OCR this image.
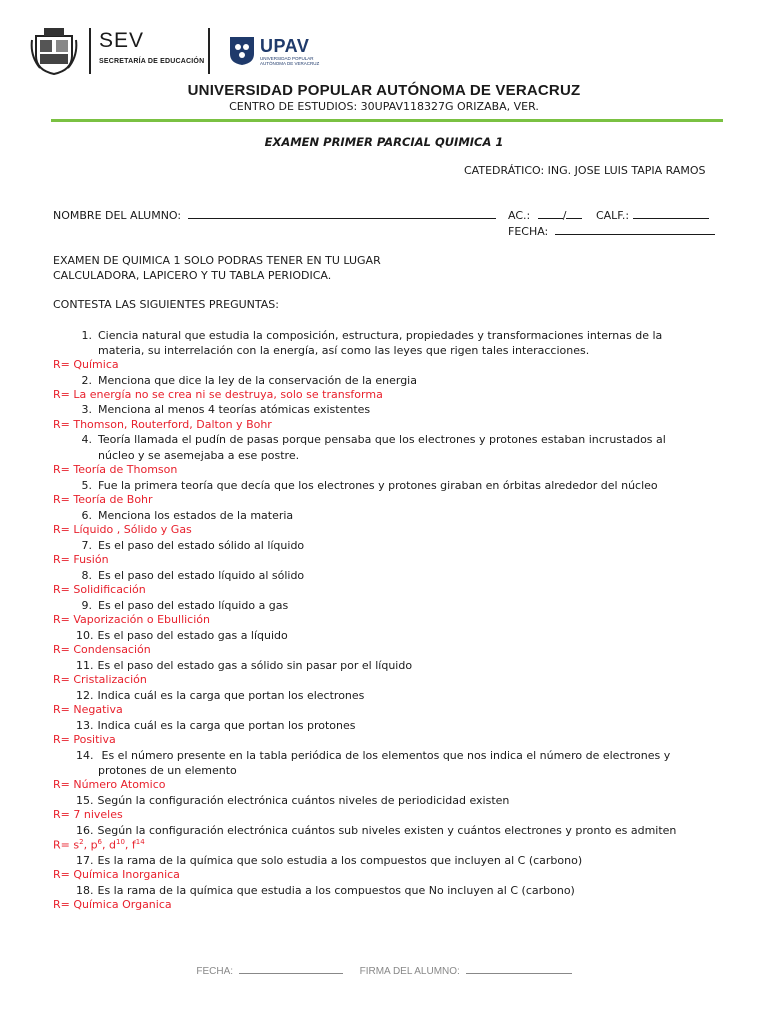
SEV
SECRETARÍA DE EDUCACIÓN
UPAV
UNIVERSIDAD POPULAR AUTÓNOMA DE VERACRUZ
UNIVERSIDAD POPULAR AUTÓNOMA DE VERACRUZ
CENTRO DE ESTUDIOS: 30UPAV118327G ORIZABA, VER.
EXAMEN PRIMER PARCIAL QUIMICA 1
CATEDRÁTICO: ING. JOSE LUIS TAPIA RAMOS
NOMBRE DEL ALUMNO:	AC.:	/	CALF.:
FECHA:
EXAMEN DE QUIMICA 1 SOLO PODRAS TENER EN TU LUGAR
CALCULADORA, LAPICERO Y TU TABLA PERIODICA.
CONTESTA LAS SIGUIENTES PREGUNTAS:
1. Ciencia natural que estudia la composición, estructura, propiedades y transformaciones internas de la
materia, su interrelación con la energía, así como las leyes que rigen tales interacciones.
R= Química
2. Menciona que dice la ley de la conservación de la energia
R= La energía no se crea ni se destruya, solo se transforma
3. Menciona al menos 4 teorías atómicas existentes
R= Thomson, Routerford, Dalton y Bohr
4. Teoría llamada el pudín de pasas porque pensaba que los electrones y protones estaban incrustados al
núcleo y se asemejaba a ese postre.
R= Teoría de Thomson
5. Fue la primera teoría que decía que los electrones y protones giraban en órbitas alrededor del núcleo
R= Teoría de Bohr
6. Menciona los estados de la materia
R= Líquido , Sólido y Gas
7. Es el paso del estado sólido al líquido
R= Fusión
8. Es el paso del estado líquido al sólido
R= Solidificación
9. Es el paso del estado líquido a gas
R= Vaporización o Ebullición
10. Es el paso del estado gas a líquido
R= Condensación
11. Es el paso del estado gas a sólido sin pasar por el líquido
R= Cristalización
12. Indica cuál es la carga que portan los electrones
R= Negativa
13. Indica cuál es la carga que portan los protones
R= Positiva
14. Es el número presente en la tabla periódica de los elementos que nos indica el número de electrones y
protones de un elemento
R= Número Atomico
15. Según la configuración electrónica cuántos niveles de periodicidad existen
R= 7 niveles
16. Según la configuración electrónica cuántos sub niveles existen y cuántos electrones y pronto es admiten
$R= s^2$, $p^6$, $d^{10}$, $f^{14}$
17. Es la rama de la química que solo estudia a los compuestos que incluyen al C (carbono)
R= Química Inorganica
18. Es la rama de la química que estudia a los compuestos que No incluyen al C (carbono)
R= Química Organica
FECHA:	FIRMA DEL ALUMNO:
